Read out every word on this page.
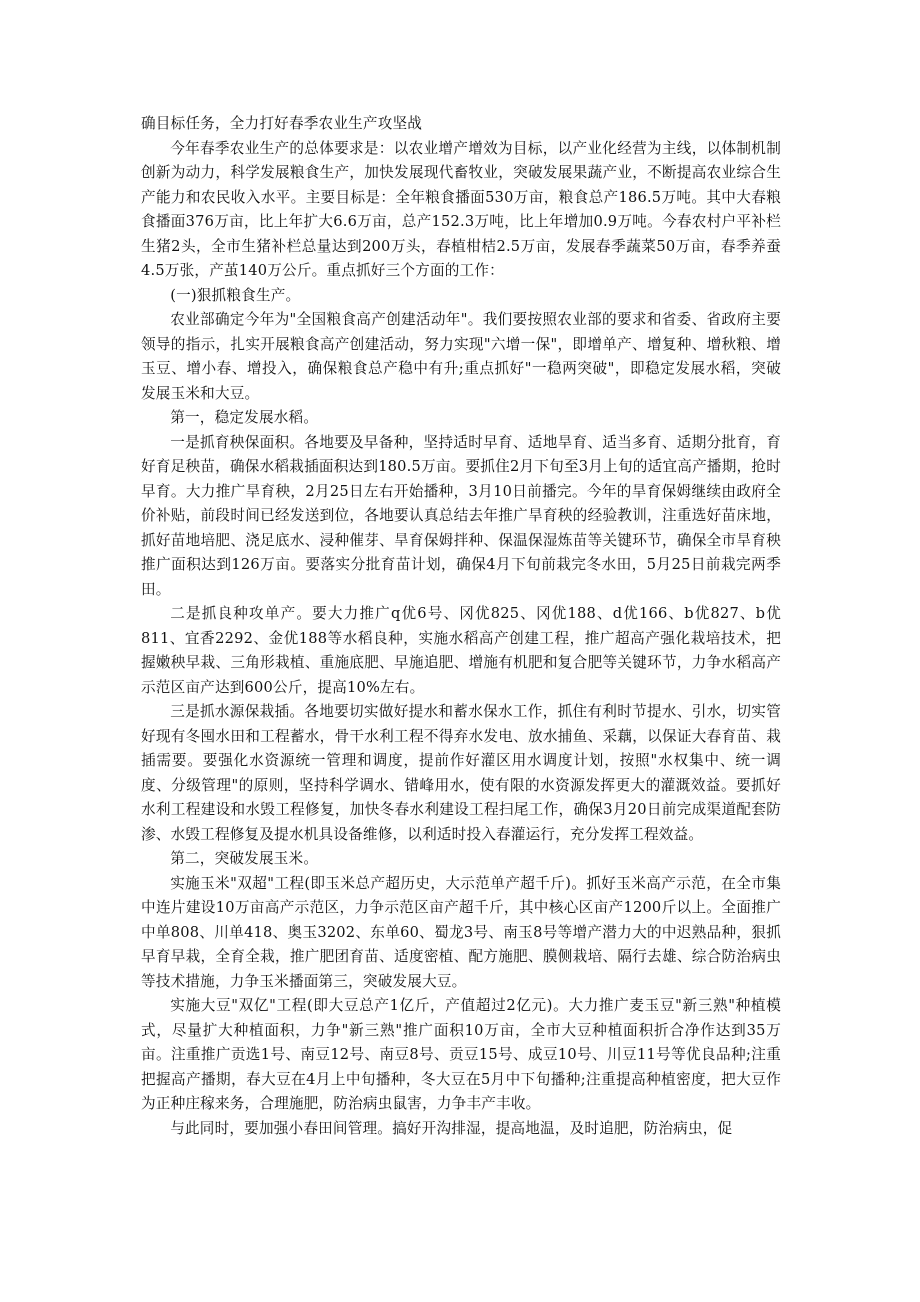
确目标任务，全力打好春季农业生产攻坚战

今年春季农业生产的总体要求是：以农业增产增效为目标，以产业化经营为主线，以体制机制创新为动力，科学发展粮食生产，加快发展现代畜牧业，突破发展果蔬产业，不断提高农业综合生产能力和农民收入水平。主要目标是：全年粮食播面530万亩，粮食总产186.5万吨。其中大春粮食播面376万亩，比上年扩大6.6万亩，总产152.3万吨，比上年增加0.9万吨。今春农村户平补栏生猪2头，全市生猪补栏总量达到200万头，春植柑桔2.5万亩，发展春季蔬菜50万亩，春季养蚕4.5万张，产茧140万公斤。重点抓好三个方面的工作：

(一)狠抓粮食生产。

农业部确定今年为"全国粮食高产创建活动年"。我们要按照农业部的要求和省委、省政府主要领导的指示，扎实开展粮食高产创建活动，努力实现"六增一保"，即增单产、增复种、增秋粮、增玉豆、增小春、增投入，确保粮食总产稳中有升;重点抓好"一稳两突破"，即稳定发展水稻，突破发展玉米和大豆。

第一，稳定发展水稻。

一是抓育秧保面积。各地要及早备种，坚持适时早育、适地旱育、适当多育、适期分批育，育好育足秧苗，确保水稻栽插面积达到180.5万亩。要抓住2月下旬至3月上旬的适宜高产播期，抢时早育。大力推广旱育秧，2月25日左右开始播种，3月10日前播完。今年的旱育保姆继续由政府全价补贴，前段时间已经发送到位，各地要认真总结去年推广旱育秧的经验教训，注重选好苗床地，抓好苗地培肥、浇足底水、浸种催芽、旱育保姆拌种、保温保湿炼苗等关键环节，确保全市旱育秧推广面积达到126万亩。要落实分批育苗计划，确保4月下旬前栽完冬水田，5月25日前栽完两季田。

二是抓良种攻单产。要大力推广q优6号、冈优825、冈优188、d优166、b优827、b优811、宜香2292、金优188等水稻良种，实施水稻高产创建工程，推广超高产强化栽培技术，把握嫩秧早栽、三角形栽植、重施底肥、早施追肥、增施有机肥和复合肥等关键环节，力争水稻高产示范区亩产达到600公斤，提高10%左右。

三是抓水源保栽插。各地要切实做好提水和蓄水保水工作，抓住有利时节提水、引水，切实管好现有冬囤水田和工程蓄水，骨干水利工程不得弃水发电、放水捕鱼、采藕，以保证大春育苗、栽插需要。要强化水资源统一管理和调度，提前作好灌区用水调度计划，按照"水权集中、统一调度、分级管理"的原则，坚持科学调水、错峰用水，使有限的水资源发挥更大的灌溉效益。要抓好水利工程建设和水毁工程修复，加快冬春水利建设工程扫尾工作，确保3月20日前完成渠道配套防渗、水毁工程修复及提水机具设备维修，以利适时投入春灌运行，充分发挥工程效益。

第二，突破发展玉米。

实施玉米"双超"工程(即玉米总产超历史，大示范单产超千斤)。抓好玉米高产示范，在全市集中连片建设10万亩高产示范区，力争示范区亩产超千斤，其中核心区亩产1200斤以上。全面推广中单808、川单418、奥玉3202、东单60、蜀龙3号、南玉8号等增产潜力大的中迟熟品种，狠抓早育早栽，全育全栽，推广肥团育苗、适度密植、配方施肥、膜侧栽培、隔行去雄、综合防治病虫等技术措施，力争玉米播面第三，突破发展大豆。

实施大豆"双亿"工程(即大豆总产1亿斤，产值超过2亿元)。大力推广麦玉豆"新三熟"种植模式，尽量扩大种植面积，力争"新三熟"推广面积10万亩，全市大豆种植面积折合净作达到35万亩。注重推广贡选1号、南豆12号、南豆8号、贡豆15号、成豆10号、川豆11号等优良品种;注重把握高产播期，春大豆在4月上中旬播种，冬大豆在5月中下旬播种;注重提高种植密度，把大豆作为正种庄稼来务，合理施肥，防治病虫鼠害，力争丰产丰收。

与此同时，要加强小春田间管理。搞好开沟排湿，提高地温，及时追肥，防治病虫，促
